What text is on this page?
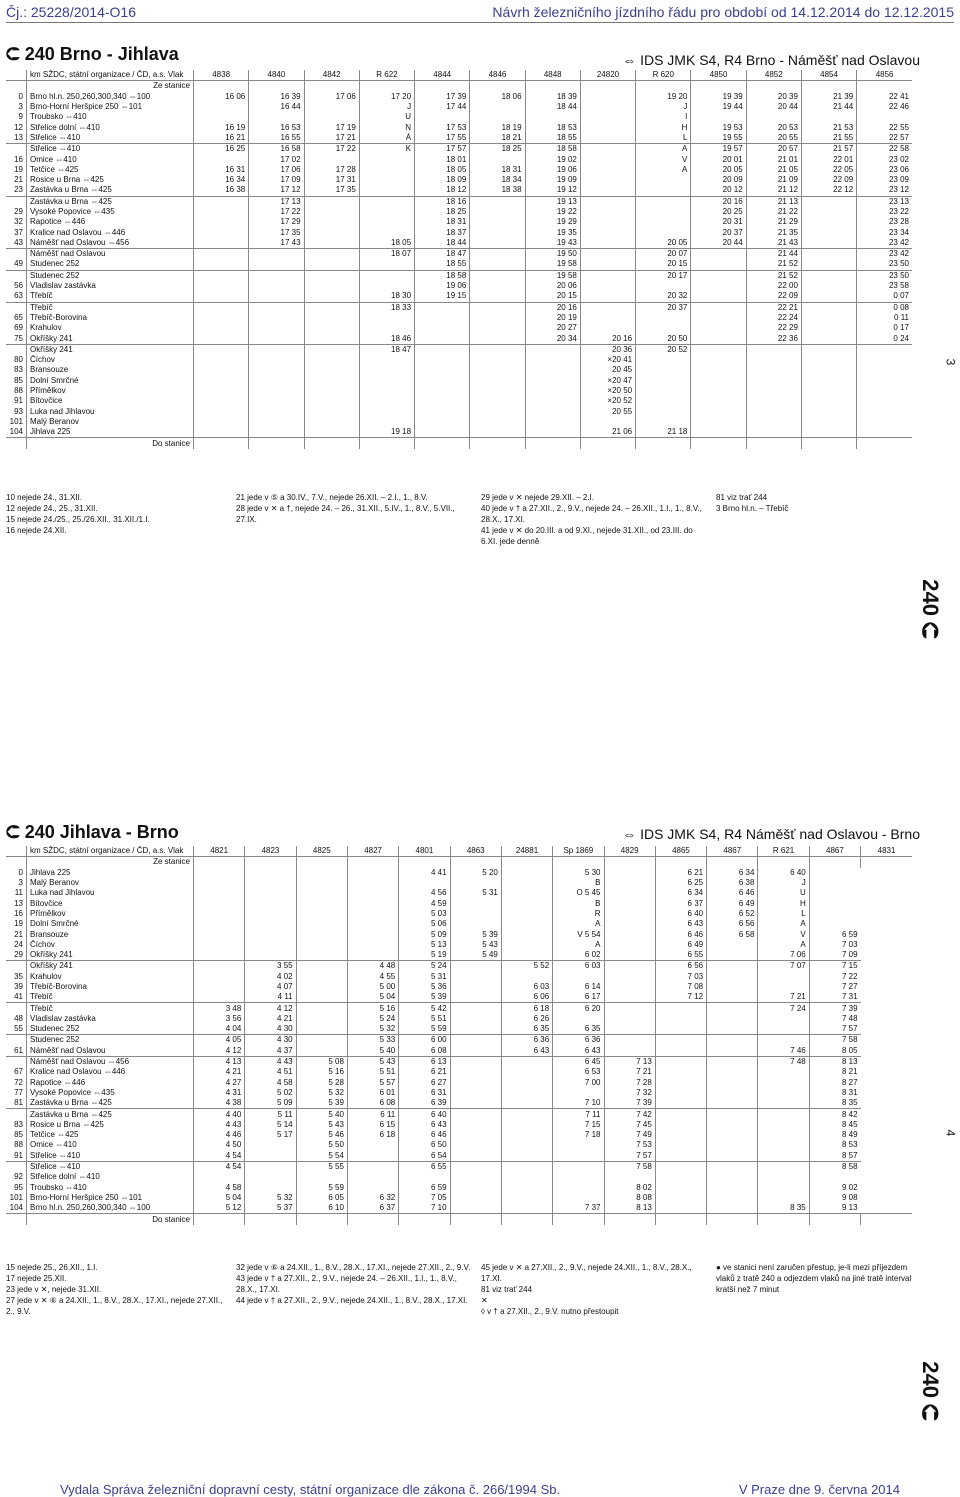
Čj.: 25228/2014-O16	Návrh železničního jízdního řádu pro období od 14.12.2014 do 12.12.2015
⮈ 240 Brno - Jihlava	⇔ IDS JMK S4, R4 Brno - Náměšť nad Oslavou
	km SŽDC, státní organizace / ČD, a.s. Vlak	4838	4840	4842	R 622	4844	4846	4848	24820	R 620	4850	4852	4854	4856
	Ze stanice													
0	Brno hl.n. 250,260,300,340 ⇔100	16 06	16 39	17 06	17 20	17 39	18 06	18 39		19 20	19 39	20 39	21 39	22 41
3	Brno-Horní Heršpice 250 ⇔101		16 44		J	17 44		18 44		J	19 44	20 44	21 44	22 46
9	Troubsko ⇔410				U					I				
12	Střelice dolní ⇔410	16 19	16 53	17 19	N	17 53	18 19	18 53		H	19 53	20 53	21 53	22 55
13	Střelice ⇔410	16 21	16 55	17 21	Á	17 55	18 21	18 55		L	19 55	20 55	21 55	22 57
	Střelice ⇔410	16 25	16 58	17 22	K	17 57	18 25	18 58		A	19 57	20 57	21 57	22 58
16	Omice ⇔410		17 02			18 01		19 02		V	20 01	21 01	22 01	23 02
19	Tetčice ⇔425	16 31	17 06	17 28		18 05	18 31	19 06		A	20 05	21 05	22 05	23 06
21	Rosice u Brna ⇔425	16 34	17 09	17 31		18 09	18 34	19 09			20 09	21 09	22 09	23 09
23	Zastávka u Brna ⇔425	16 38	17 12	17 35		18 12	18 38	19 12			20 12	21 12	22 12	23 12
	Zastávka u Brna ⇔425		17 13			18 16		19 13			20 16	21 13		23 13
29	Vysoké Popovice ⇔435		17 22			18 25		19 22			20 25	21 22		23 22
32	Rapotice ⇔446		17 29			18 31		19 29			20 31	21 29		23 28
37	Kralice nad Oslavou ⇔446		17 35			18 37		19 35			20 37	21 35		23 34
43	Náměšť nad Oslavou ⇔456		17 43		18 05	18 44		19 43		20 05	20 44	21 43		23 42
	Náměšť nad Oslavou				18 07	18 47		19 50		20 07		21 44		23 42
49	Studenec 252					18 55		19 58		20 15		21 52		23 50
	Studenec 252					18 58		19 58		20 17		21 52		23 50
56	Vladislav zastávka					19 06		20 06				22 00		23 58
63	Třebíč				18 30	19 15		20 15		20 32		22 09		0 07
	Třebíč				18 33			20 16		20 37		22 21		0 08
65	Třebíč-Borovina							20 19				22 24		0 11
69	Krahulov							20 27				22 29		0 17
75	Okříšky 241				18 46			20 34	20 16	20 50		22 36		0 24
	Okříšky 241				18 47				20 36	20 52				
80	Číchov								×20 41					
83	Bransouze								20 45					
85	Dolní Smrčné								×20 47					
88	Přímělkov								×20 50					
91	Bítovčice								×20 52					
93	Luka nad Jihlavou								20 55					
101	Malý Beranov													
104	Jihlava 225				19 18				21 06	21 18				
	Do stanice													
10 nejede 24., 31.XII.
12 nejede 24., 25., 31.XII.
15 nejede 24./25., 25./26.XII., 31.XII./1.I.
16 nejede 24.XII.
21 jede v ⑤ a 30.IV., 7.V., nejede 26.XII. – 2.I., 1., 8.V.
28 jede v ✕ a †, nejede 24. – 26., 31.XII., 5.IV., 1., 8.V., 5.VII., 27.IX.
29 jede v ✕ nejede 29.XII. – 2.I.
40 jede v † a 27.XII., 2., 9.V., nejede 24. – 26.XII., 1.I., 1., 8.V., 28.X., 17.XI.
41 jede v ✕ do 20.III. a od 9.XI., nejede 31.XII., od 23.III. do 6.XI. jede denně
81 viz trať 244
3 Brno hl.n. – Třebíč
⮈ 240 Jihlava - Brno	⇔ IDS JMK S4, R4 Náměšť nad Oslavou - Brno
	km SŽDC, státní organizace / ČD, a.s. Vlak	4821	4823	4825	4827	4801	4863	24881	Sp 1869	4829	4865	4867	R 621	4867	4831
	Ze stanice														
0	Jihlava 225					4 41	5 20		5 30		6 21	6 34	6 40		
3	Malý Beranov								B		6 25	6 38	J		
11	Luka nad Jihlavou					4 56	5 31		O 5 45		6 34	6 46	U		
13	Bítovčice					4 59			B		6 37	6 49	H		
16	Přímělkov					5 03			R		6 40	6 52	L		
19	Dolní Smrčné					5 06			A		6 43	6 56	A		
21	Bransouze					5 09	5 39		V 5 54		6 46	6 58	V	6 59	
24	Číchov					5 13	5 43		A		6 49		A	7 03	
29	Okříšky 241					5 19	5 49		6 02		6 55		7 06	7 09	
	Okříšky 241		3 55		4 48	5 24		5 52	6 03		6 56		7 07	7 15	
35	Krahulov		4 02		4 55	5 31					7 03			7 22	
39	Třebíč-Borovina		4 07		5 00	5 36		6 03	6 14		7 08			7 27	
41	Třebíč		4 11		5 04	5 39		6 06	6 17		7 12		7 21	7 31	
	Třebíč	3 48	4 12		5 16	5 42		6 18	6 20				7 24	7 39	
48	Vladislav zastávka	3 56	4 21		5 24	5 51		6 26						7 48	
55	Studenec 252	4 04	4 30		5 32	5 59		6 35	6 35					7 57	
	Studenec 252	4 05	4 30		5 33	6 00		6 36	6 36					7 58	
61	Náměšť nad Oslavou	4 12	4 37		5 40	6 08		6 43	6 43				7 46	8 05	
	Náměšť nad Oslavou ⇔456	4 13	4 43	5 08	5 43	6 13			6 45	7 13			7 48	8 13	
67	Kralice nad Oslavou ⇔446	4 21	4 51	5 16	5 51	6 21			6 53	7 21				8 21	
72	Rapotice ⇔446	4 27	4 58	5 28	5 57	6 27			7 00	7 28				8 27	
77	Vysoké Popovice ⇔435	4 31	5 02	5 32	6 01	6 31				7 32				8 31	
81	Zastávka u Brna ⇔425	4 38	5 09	5 39	6 08	6 39			7 10	7 39				8 35	
	Zastávka u Brna ⇔425	4 40	5 11	5 40	6 11	6 40			7 11	7 42				8 42	
83	Rosice u Brna ⇔425	4 43	5 14	5 43	6 15	6 43			7 15	7 45				8 45	
85	Tetčice ⇔425	4 46	5 17	5 46	6 18	6 46			7 18	7 49				8 49	
88	Omice ⇔410	4 50		5 50		6 50				7 53				8 53	
91	Střelice ⇔410	4 54		5 54		6 54				7 57				8 57	
	Střelice ⇔410	4 54		5 55		6 55				7 58				8 58	
92	Střelice dolní ⇔410														
95	Troubsko ⇔410	4 58		5 59		6 59				8 02				9 02	
101	Brno-Horní Heršpice 250 ⇔101	5 04	5 32	6 05	6 32	7 05				8 08				9 08	
104	Brno hl.n. 250,260,300,340 ⇔100	5 12	5 37	6 10	6 37	7 10			7 37	8 13			8 35	9 13	
	Do stanice														
15 nejede 25., 26.XII., 1.I.
17 nejede 25.XII.
23 jede v ✕, nejede 31.XII.
27 jede v ✕ ⑥ a 24.XII., 1., 8.V., 28.X., 17.XI., nejede 27.XII., 2., 9.V.
32 jede v ⑥ a 24.XII., 1., 8.V., 28.X., 17.XI., nejede 27.XII., 2., 9.V.
43 jede v † a 27.XII., 2., 9.V., nejede 24. – 26.XII., 1.I., 1., 8.V., 28.X., 17.XI.
44 jede v † a 27.XII., 2., 9.V., nejede 24.XII., 1., 8.V., 28.X., 17.XI.
45 jede v ✕ a 27.XII., 2., 9.V., nejede 24.XII., 1., 8.V., 28.X., 17.XI.
81 viz trať 244
✕
◊ v † a 27.XII., 2., 9.V. nutno přestoupit
● ve stanici není zaručen přestup, je-li mezi příjezdem vlaků z tratě 240 a odjezdem vlaků na jiné tratě interval kratší než 7 minut
3
240 ⮈
4
240 ⮈
Vydala Správa železniční dopravní cesty, státní organizace dle zákona č. 266/1994 Sb.	V Praze dne 9. června 2014
